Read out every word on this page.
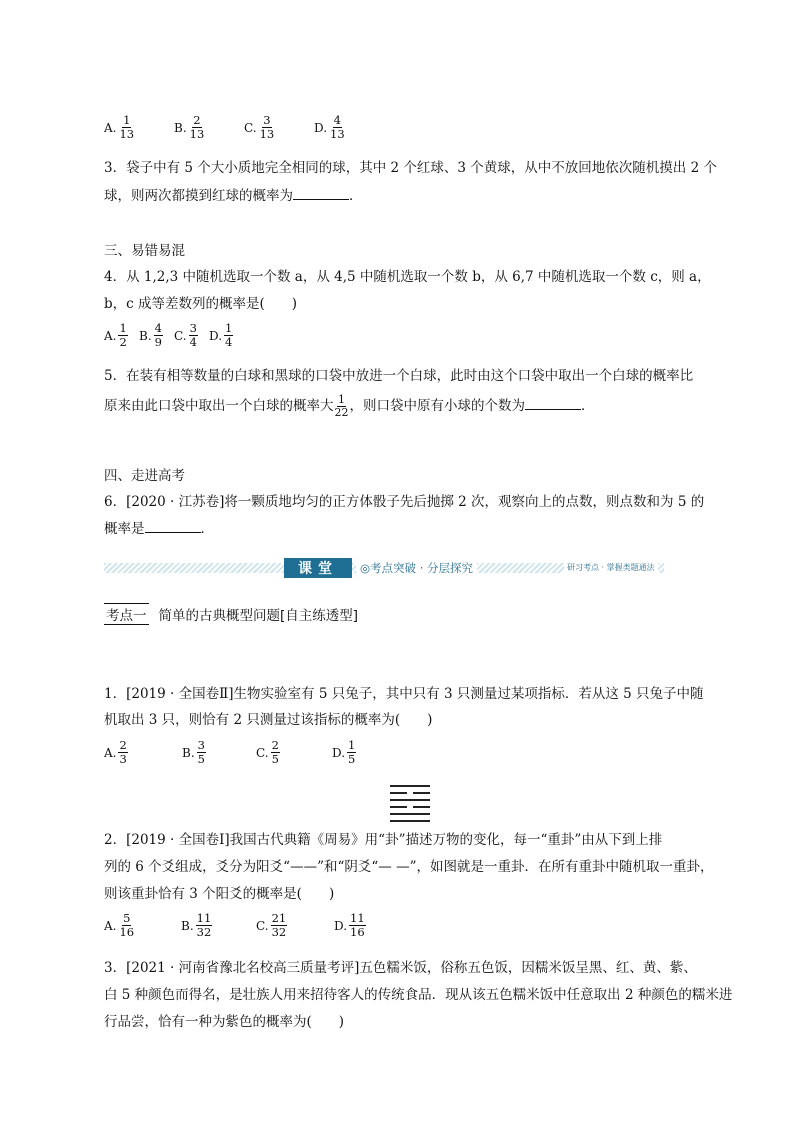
A. $\frac{1}{13}$	B. $\frac{2}{13}$	C. $\frac{3}{13}$	D. $\frac{4}{13}$
3．袋子中有 5 个大小质地完全相同的球，其中 2 个红球、3 个黄球，从中不放回地依次随机摸出 2 个
球，则两次都摸到红球的概率为	．
三、易错易混
4．从 1,2,3 中随机选取一个数 a，从 4,5 中随机选取一个数 b，从 6,7 中随机选取一个数 c，则 a，
b，c 成等差数列的概率是(　　)
A. $\frac{1}{2} B$. $\frac{4}{9} C$. $\frac{3}{4} D$. $\frac{1}{4}$
5．在装有相等数量的白球和黑球的口袋中放进一个白球，此时由这个口袋中取出一个白球的概率比
原来由此口袋中取出一个白球的概率大 $\frac{1}{22}$ ，则口袋中原有小球的个数为	．
四、走进高考
6．[2020 · 江苏卷]将一颗质地均匀的正方体骰子先后抛掷 2 次，观察向上的点数，则点数和为 5 的
概率是	．
课堂	◎考点突破 · 分层探究	研习考点 · 掌握类题通法
考点一 简单的古典概型问题[自主练透型]
1．[2019 · 全国卷Ⅱ]生物实验室有 5 只兔子，其中只有 3 只测量过某项指标．若从这 5 只兔子中随
机取出 3 只，则恰有 2 只测量过该指标的概率为(　　)
A. $\frac{2}{3}$	B. $\frac{3}{5}$	C. $\frac{2}{5}$	D. $\frac{1}{5}$
2．[2019 · 全国卷Ⅰ]我国古代典籍《周易》用“卦”描述万物的变化，每一“重卦”由从下到上排
列的 6 个爻组成，爻分为阳爻“——”和“阴爻“— —”，如图就是一重卦．在所有重卦中随机取一重卦，
则该重卦恰有 3 个阳爻的概率是(　　)
A. $\frac{5}{16}$	B. $\frac{11}{32}$	C. $\frac{21}{32}$	D. $\frac{11}{16}$
3．[2021 · 河南省豫北名校高三质量考评]五色糯米饭，俗称五色饭，因糯米饭呈黑、红、黄、紫、
白 5 种颜色而得名，是壮族人用来招待客人的传统食品．现从该五色糯米饭中任意取出 2 种颜色的糯米进
行品尝，恰有一种为紫色的概率为(　　)
